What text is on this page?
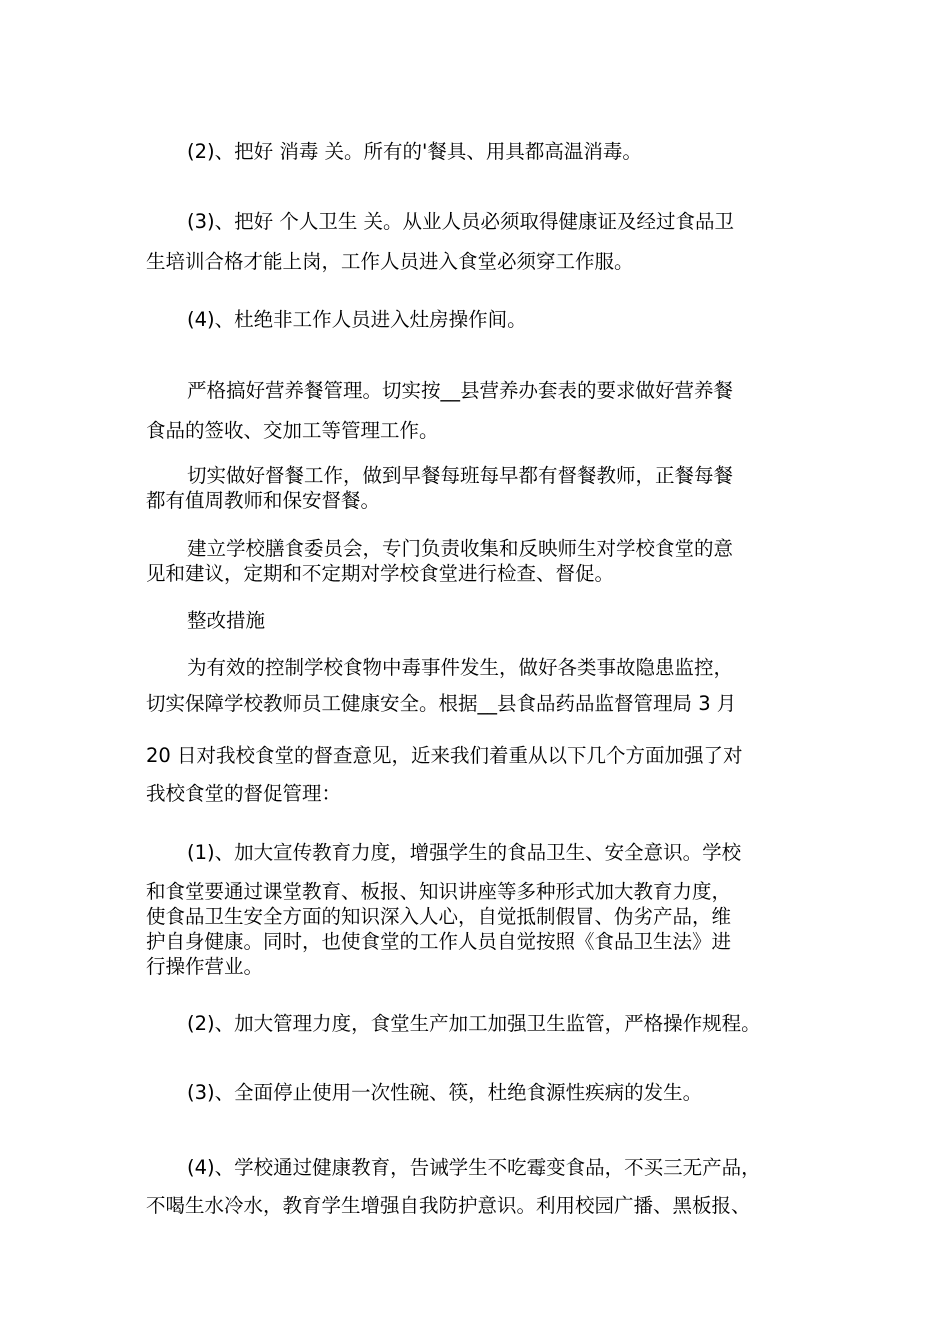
(2)、把好 消毒 关。所有的'餐具、用具都高温消毒。
(3)、把好 个人卫生 关。从业人员必须取得健康证及经过食品卫
生培训合格才能上岗，工作人员进入食堂必须穿工作服。
(4)、杜绝非工作人员进入灶房操作间。
严格搞好营养餐管理。切实按__县营养办套表的要求做好营养餐
食品的签收、交加工等管理工作。
切实做好督餐工作，做到早餐每班每早都有督餐教师，正餐每餐
都有值周教师和保安督餐。
建立学校膳食委员会，专门负责收集和反映师生对学校食堂的意
见和建议，定期和不定期对学校食堂进行检查、督促。
整改措施
为有效的控制学校食物中毒事件发生，做好各类事故隐患监控，
切实保障学校教师员工健康安全。根据__县食品药品监督管理局 3 月
20 日对我校食堂的督查意见，近来我们着重从以下几个方面加强了对
我校食堂的督促管理：
(1)、加大宣传教育力度，增强学生的食品卫生、安全意识。学校
和食堂要通过课堂教育、板报、知识讲座等多种形式加大教育力度，
使食品卫生安全方面的知识深入人心，自觉抵制假冒、伪劣产品，维
护自身健康。同时，也使食堂的工作人员自觉按照《食品卫生法》进
行操作营业。
(2)、加大管理力度，食堂生产加工加强卫生监管，严格操作规程。
(3)、全面停止使用一次性碗、筷，杜绝食源性疾病的发生。
(4)、学校通过健康教育，告诫学生不吃霉变食品，不买三无产品，
不喝生水冷水，教育学生增强自我防护意识。利用校园广播、黑板报、
